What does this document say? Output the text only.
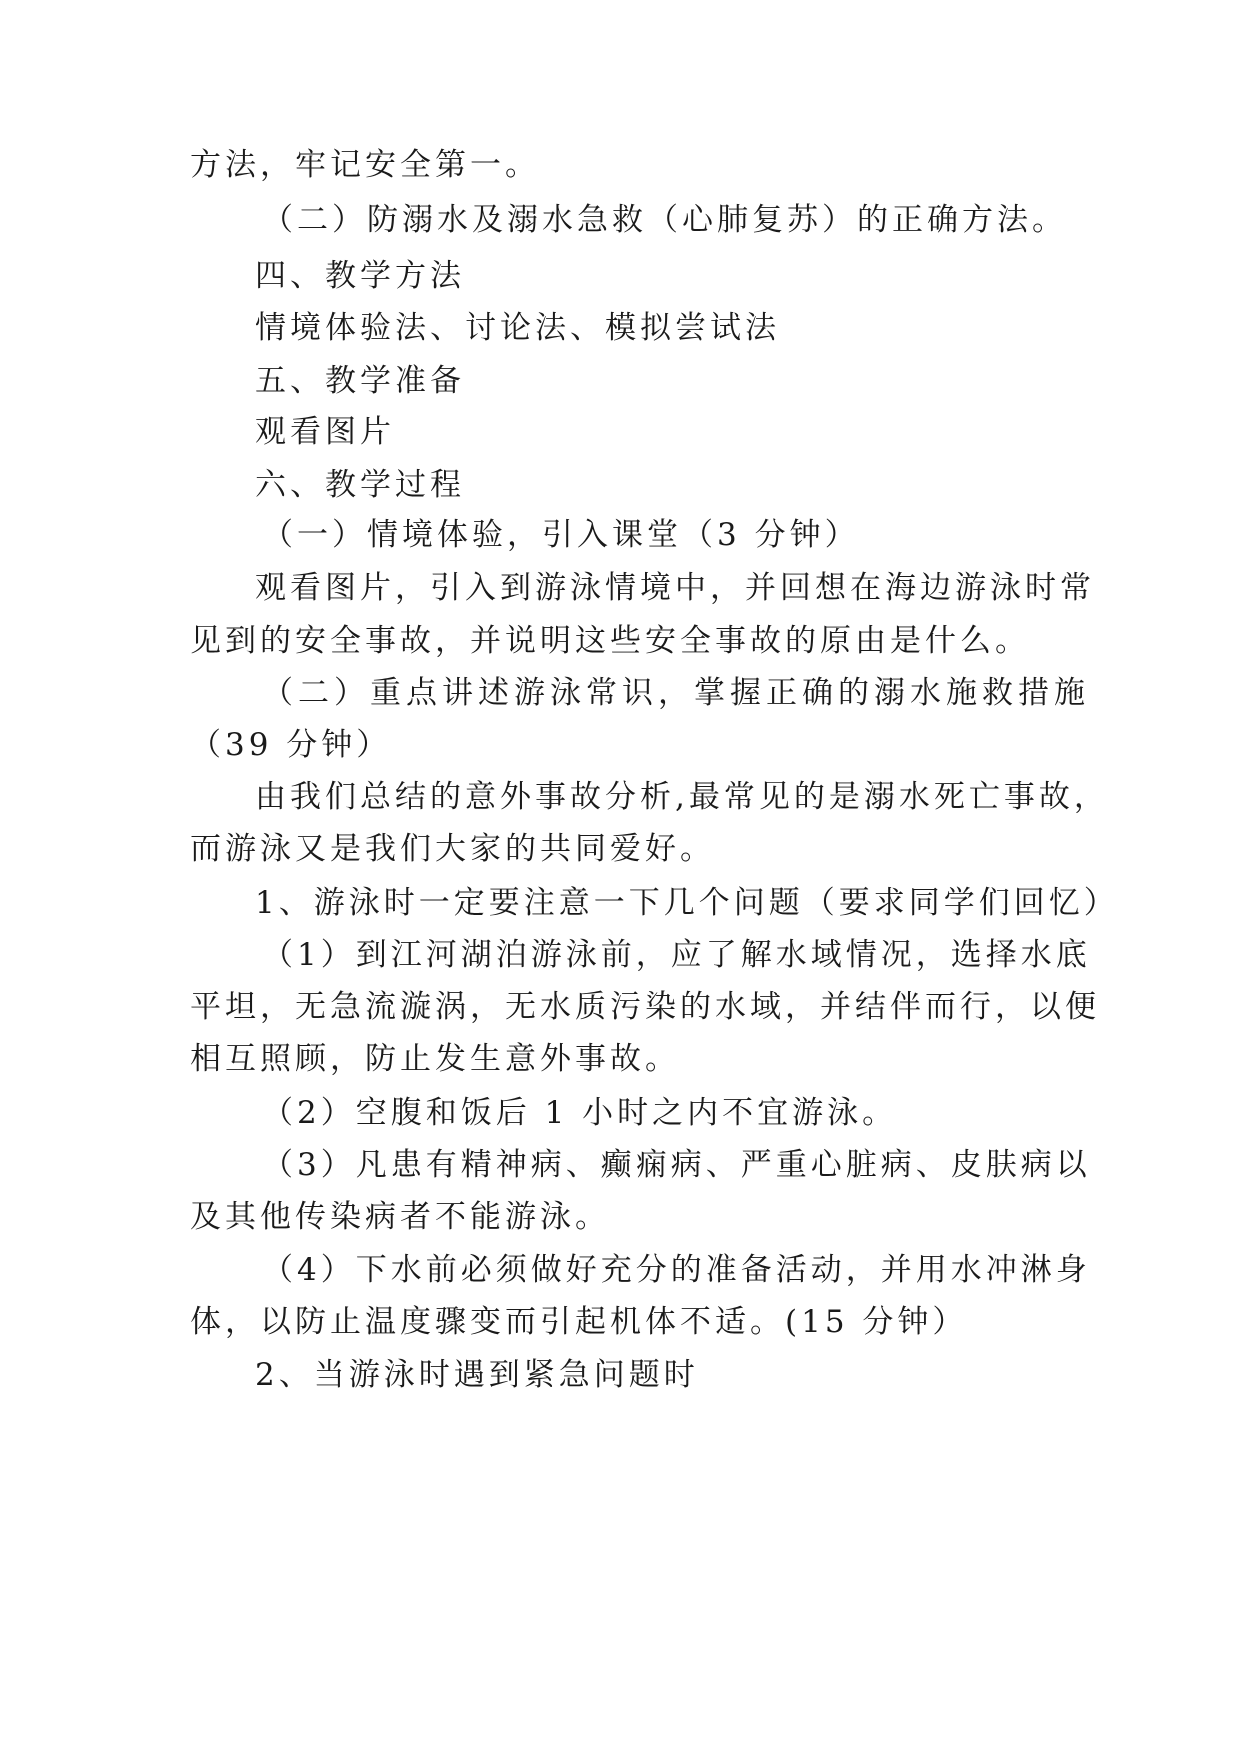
方法，牢记安全第一。

（二）防溺水及溺水急救（心肺复苏）的正确方法。

四、教学方法

情境体验法、讨论法、模拟尝试法

五、教学准备

观看图片

六、教学过程

（一）情境体验，引入课堂（3 分钟）

观看图片，引入到游泳情境中，并回想在海边游泳时常

见到的安全事故，并说明这些安全事故的原由是什么。

（二）重点讲述游泳常识，掌握正确的溺水施救措施

（39 分钟）

由我们总结的意外事故分析,最常见的是溺水死亡事故，

而游泳又是我们大家的共同爱好。

1、游泳时一定要注意一下几个问题（要求同学们回忆）

（1）到江河湖泊游泳前，应了解水域情况，选择水底

平坦，无急流漩涡，无水质污染的水域，并结伴而行，以便

相互照顾，防止发生意外事故。

（2）空腹和饭后 1 小时之内不宜游泳。

（3）凡患有精神病、癫痫病、严重心脏病、皮肤病以

及其他传染病者不能游泳。

（4）下水前必须做好充分的准备活动，并用水冲淋身

体，以防止温度骤变而引起机体不适。(15 分钟）

2、当游泳时遇到紧急问题时
